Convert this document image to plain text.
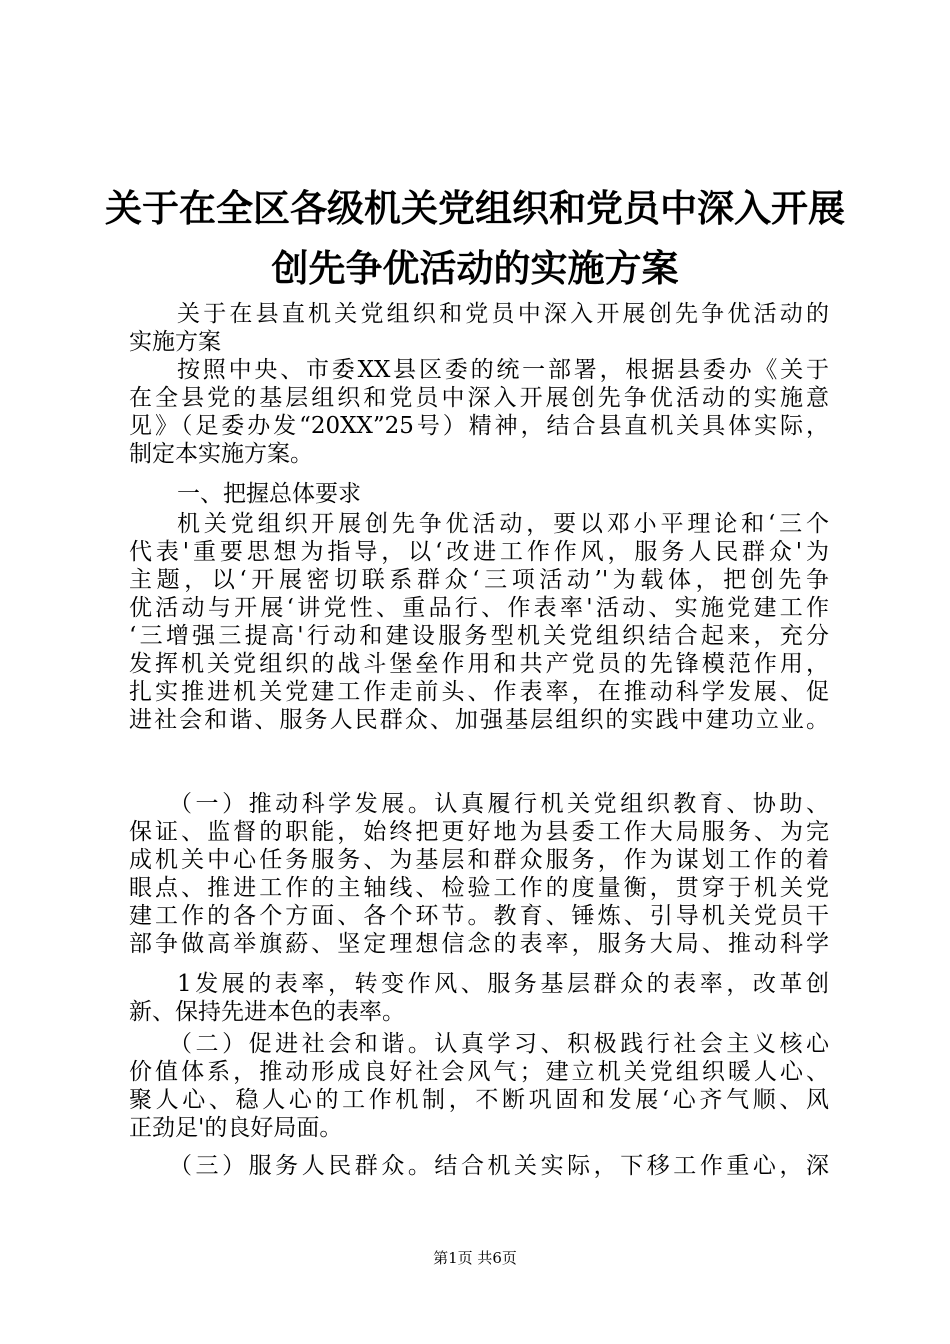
关于在全区各级机关党组织和党员中深入开展
创先争优活动的实施方案
关于在县直机关党组织和党员中深入开展创先争优活动的
实施方案
按照中央、市委XX县区委的统一部署，根据县委办《关于
在全县党的基层组织和党员中深入开展创先争优活动的实施意
见》（足委办发“20XX”25号）精神，结合县直机关具体实际，
制定本实施方案。
一、把握总体要求
机关党组织开展创先争优活动，要以邓小平理论和‘三个
代表'重要思想为指导，以‘改进工作作风，服务人民群众'为
主题，以‘开展密切联系群众‘三项活动’'为载体，把创先争
优活动与开展‘讲党性、重品行、作表率'活动、实施党建工作
‘三增强三提高'行动和建设服务型机关党组织结合起来，充分
发挥机关党组织的战斗堡垒作用和共产党员的先锋模范作用，
扎实推进机关党建工作走前头、作表率，在推动科学发展、促
进社会和谐、服务人民群众、加强基层组织的实践中建功立业。
（一）推动科学发展。认真履行机关党组织教育、协助、
保证、监督的职能，始终把更好地为县委工作大局服务、为完
成机关中心任务服务、为基层和群众服务，作为谋划工作的着
眼点、推进工作的主轴线、检验工作的度量衡，贯穿于机关党
建工作的各个方面、各个环节。教育、锤炼、引导机关党员干
部争做高举旗蒶、坚定理想信念的表率，服务大局、推动科学
1发展的表率，转变作风、服务基层群众的表率，改革创
新、保持先进本色的表率。
（二）促进社会和谐。认真学习、积极践行社会主义核心
价值体系，推动形成良好社会风气；建立机关党组织暖人心、
聚人心、稳人心的工作机制，不断巩固和发展‘心齐气顺、风
正劲足'的良好局面。
（三）服务人民群众。结合机关实际，下移工作重心，深
第1页 共6页
